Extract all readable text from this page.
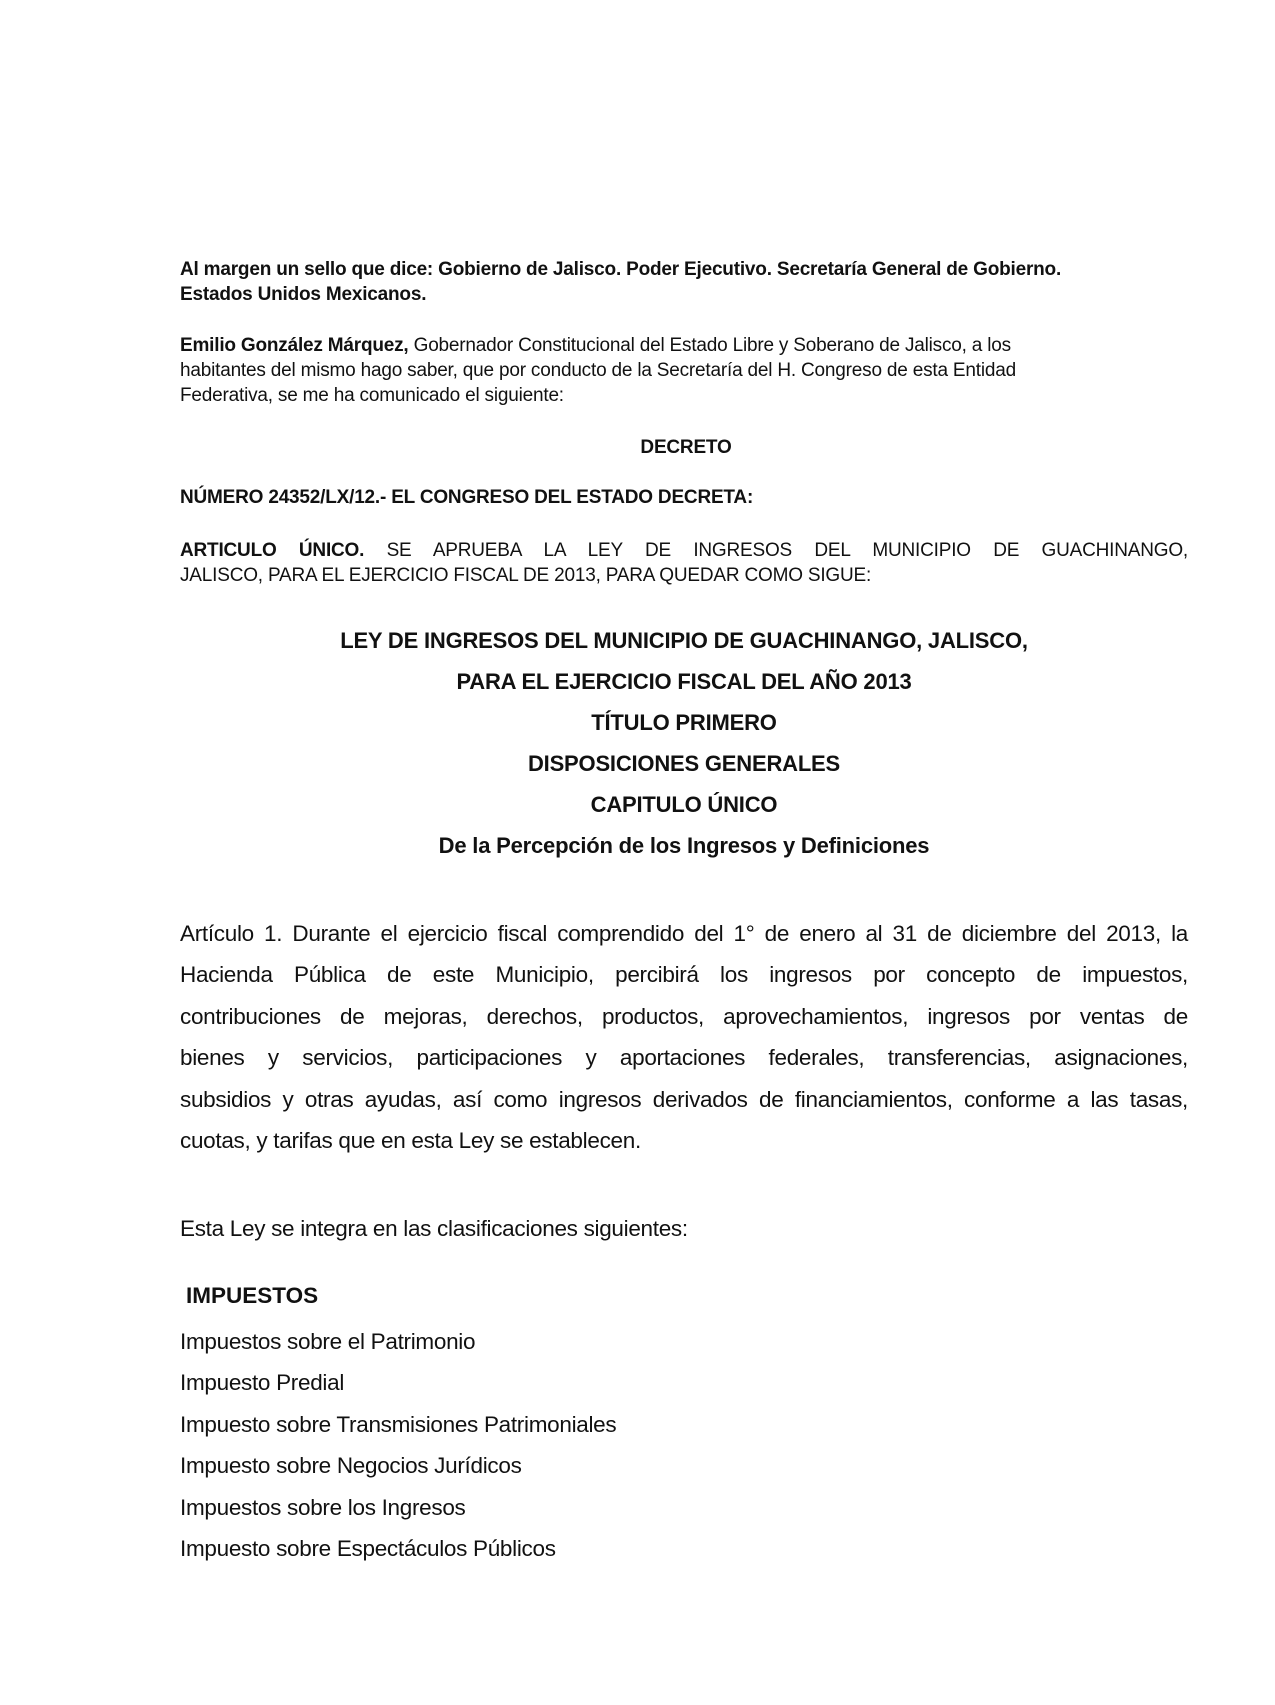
Al margen un sello que dice: Gobierno de Jalisco. Poder Ejecutivo. Secretaría General de Gobierno.
Estados Unidos Mexicanos.
Emilio González Márquez, Gobernador Constitucional del Estado Libre y Soberano de Jalisco, a los
habitantes del mismo hago saber, que por conducto de la Secretaría del H. Congreso de esta Entidad
Federativa, se me ha comunicado el siguiente:
DECRETO
NÚMERO 24352/LX/12.- EL CONGRESO DEL ESTADO DECRETA:
ARTICULO ÚNICO. SE APRUEBA LA LEY DE INGRESOS DEL MUNICIPIO DE GUACHINANGO,
JALISCO, PARA EL EJERCICIO FISCAL DE 2013, PARA QUEDAR COMO SIGUE:
LEY DE INGRESOS DEL MUNICIPIO DE GUACHINANGO, JALISCO,
PARA EL EJERCICIO FISCAL DEL AÑO 2013
TÍTULO PRIMERO
DISPOSICIONES GENERALES
CAPITULO ÚNICO
De la Percepción de los Ingresos y Definiciones
Artículo 1. Durante el ejercicio fiscal comprendido del 1° de enero al 31 de diciembre del 2013, la
Hacienda Pública de este Municipio, percibirá los ingresos por concepto de impuestos,
contribuciones de mejoras, derechos, productos, aprovechamientos, ingresos por ventas de
bienes y servicios, participaciones y aportaciones federales, transferencias, asignaciones,
subsidios y otras ayudas, así como ingresos derivados de financiamientos, conforme a las tasas,
cuotas, y tarifas que en esta Ley se establecen.
Esta Ley se integra en las clasificaciones siguientes:
IMPUESTOS
Impuestos sobre el Patrimonio
Impuesto Predial
Impuesto sobre Transmisiones Patrimoniales
Impuesto sobre Negocios Jurídicos
Impuestos sobre los Ingresos
Impuesto sobre Espectáculos Públicos
